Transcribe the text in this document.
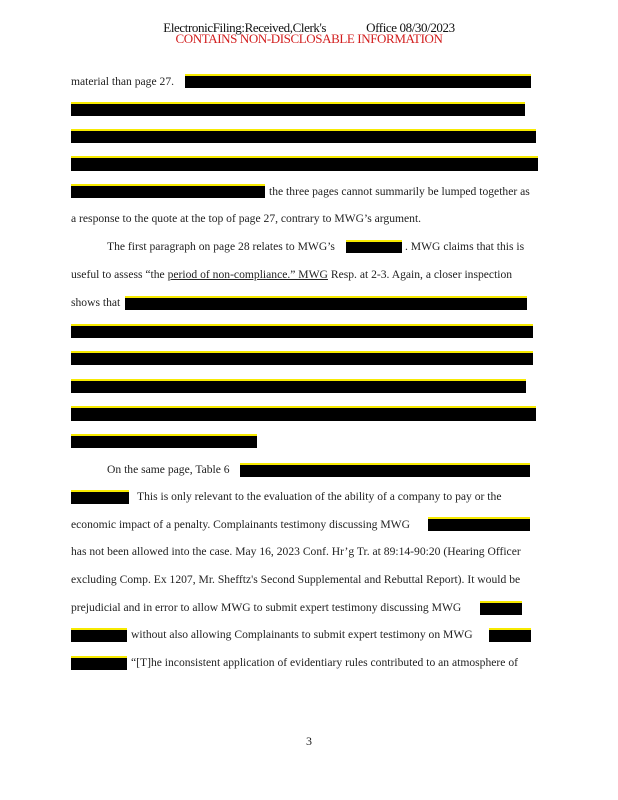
ElectronicFiling:Received,Clerk's	Office 08/30/2023
CONTAINS NON-DISCLOSABLE INFORMATION
material than page 27.
the three pages cannot summarily be lumped together as
a response to the quote at the top of page 27, contrary to MWG’s argument.
The first paragraph on page 28 relates to MWG’s	. MWG claims that this is
useful to assess “the period of non-compliance.” MWG Resp. at 2-3. Again, a closer inspection
shows that
On the same page, Table 6
This is only relevant to the evaluation of the ability of a company to pay or the
economic impact of a penalty. Complainants testimony discussing MWG
has not been allowed into the case. May 16, 2023 Conf. Hr’g Tr. at 89:14-90:20 (Hearing Officer
excluding Comp. Ex 1207, Mr. Shefftz's Second Supplemental and Rebuttal Report). It would be
prejudicial and in error to allow MWG to submit expert testimony discussing MWG
without also allowing Complainants to submit expert testimony on MWG
“[T]he inconsistent application of evidentiary rules contributed to an atmosphere of
3
